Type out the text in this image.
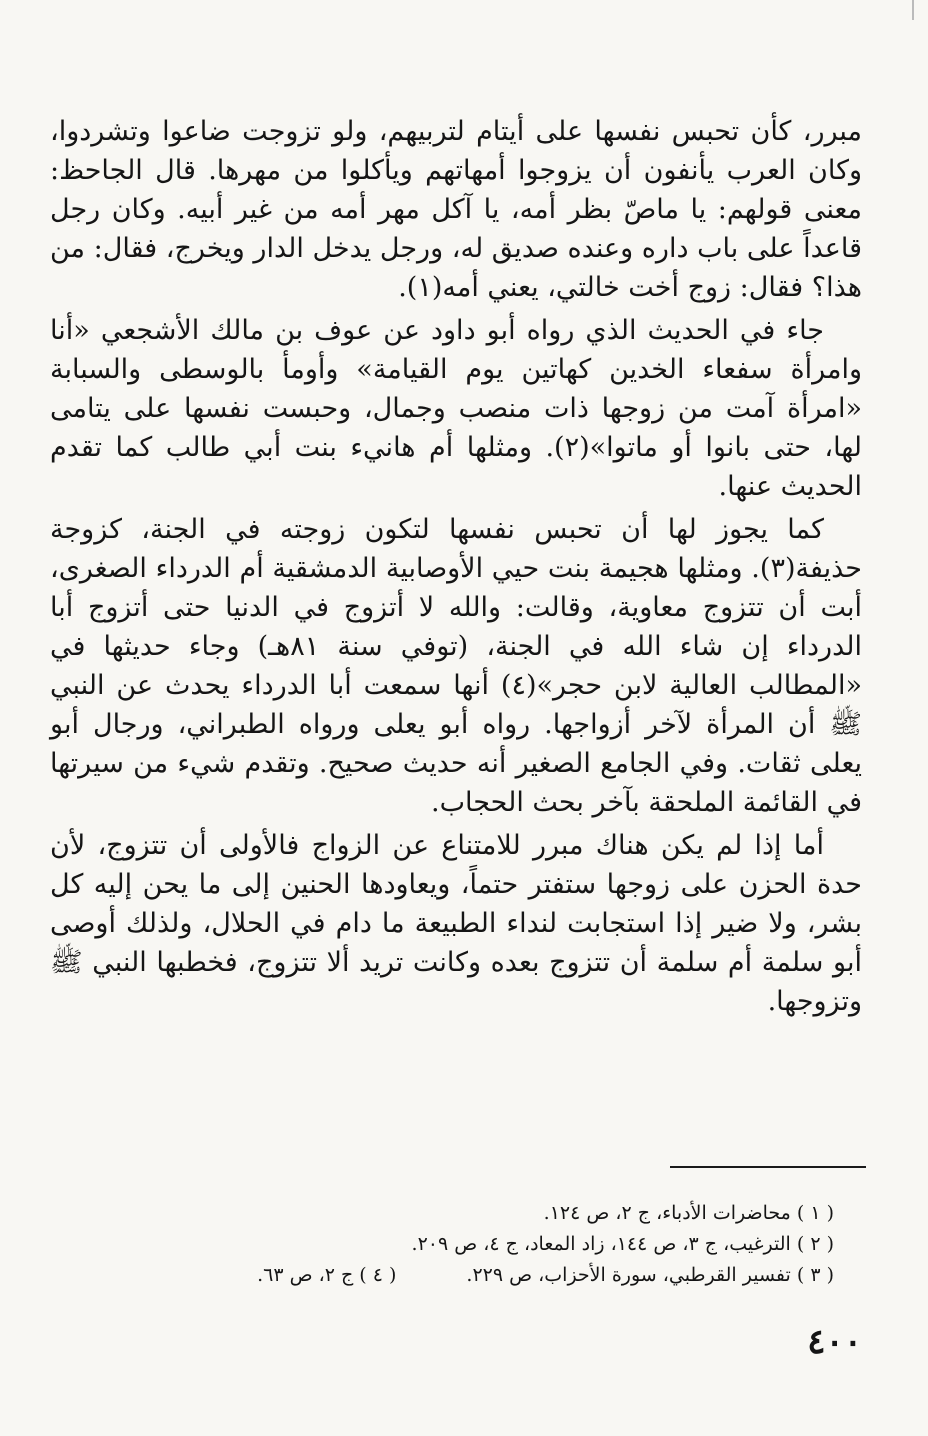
مبرر، كأن تحبس نفسها على أيتام لتربيهم، ولو تزوجت ضاعوا وتشردوا، وكان العرب يأنفون أن يزوجوا أمهاتهم ويأكلوا من مهرها. قال الجاحظ: معنى قولهم: يا ماصّ بظر أمه، يا آكل مهر أمه من غير أبيه. وكان رجل قاعداً على باب داره وعنده صديق له، ورجل يدخل الدار ويخرج، فقال: من هذا؟ فقال: زوج أخت خالتي، يعني أمه(١).

جاء في الحديث الذي رواه أبو داود عن عوف بن مالك الأشجعي «أنا وامرأة سفعاء الخدين كهاتين يوم القيامة» وأومأ بالوسطى والسبابة «امرأة آمت من زوجها ذات منصب وجمال، وحبست نفسها على يتامى لها، حتى بانوا أو ماتوا»(٢). ومثلها أم هانيء بنت أبي طالب كما تقدم الحديث عنها.

كما يجوز لها أن تحبس نفسها لتكون زوجته في الجنة، كزوجة حذيفة(٣). ومثلها هجيمة بنت حيي الأوصابية الدمشقية أم الدرداء الصغرى، أبت أن تتزوج معاوية، وقالت: والله لا أتزوج في الدنيا حتى أتزوج أبا الدرداء إن شاء الله في الجنة، (توفي سنة ٨١هـ) وجاء حديثها في «المطالب العالية لابن حجر»(٤) أنها سمعت أبا الدرداء يحدث عن النبي ﷺ أن المرأة لآخر أزواجها. رواه أبو يعلى ورواه الطبراني، ورجال أبو يعلى ثقات. وفي الجامع الصغير أنه حديث صحيح. وتقدم شيء من سيرتها في القائمة الملحقة بآخر بحث الحجاب.

أما إذا لم يكن هناك مبرر للامتناع عن الزواج فالأولى أن تتزوج، لأن حدة الحزن على زوجها ستفتر حتماً، ويعاودها الحنين إلى ما يحن إليه كل بشر، ولا ضير إذا استجابت لنداء الطبيعة ما دام في الحلال، ولذلك أوصى أبو سلمة أم سلمة أن تتزوج بعده وكانت تريد ألا تتزوج، فخطبها النبي ﷺ وتزوجها.

( ١ ) محاضرات الأدباء، ج ٢، ص ١٢٤.
( ٢ ) الترغيب، ج ٣، ص ١٤٤، زاد المعاد، ج ٤، ص ٢٠٩.
( ٣ ) تفسير القرطبي، سورة الأحزاب، ص ٢٢٩.
( ٤ ) ج ٢، ص ٦٣.
٤٠٠
